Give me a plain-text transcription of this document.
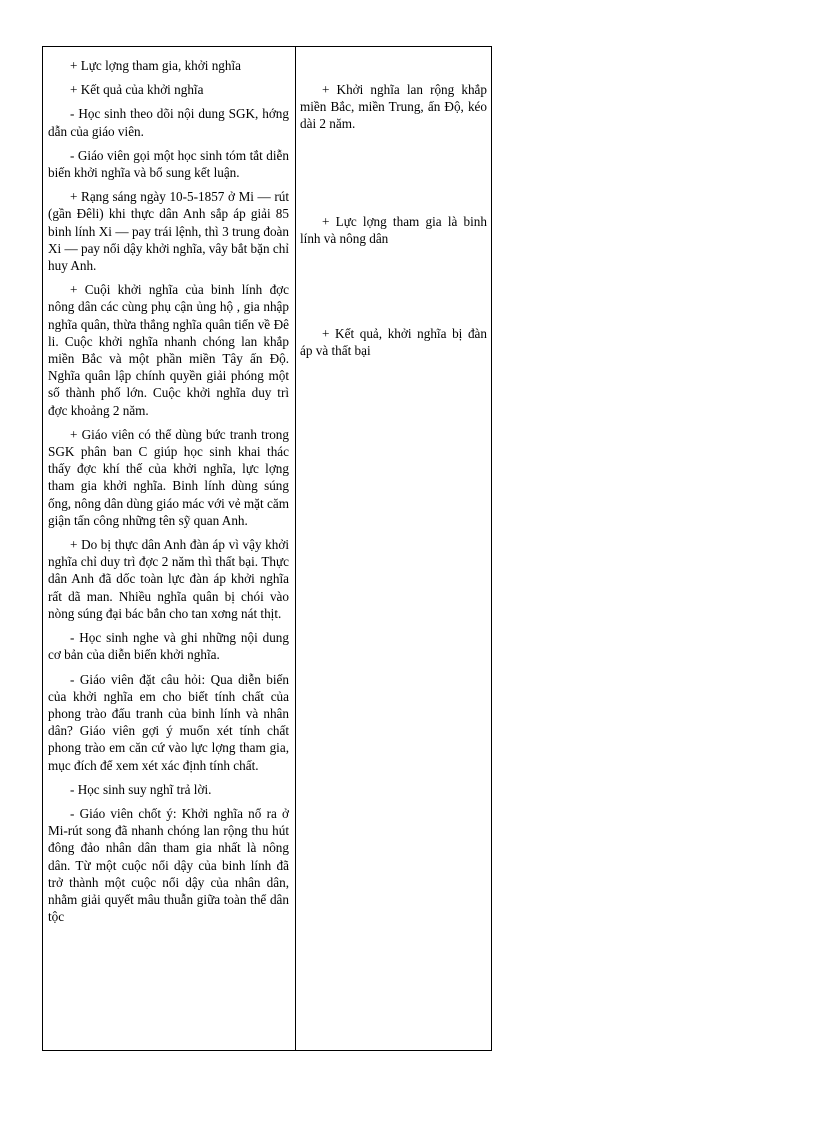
+ Lực lợng tham gia, khởi nghĩa

+ Kết quả của khởi nghĩa

- Học sinh theo dõi nội dung SGK, hớng dẫn của giáo viên.

- Giáo viên gọi một học sinh tóm tắt diễn biến khởi nghĩa và bổ sung kết luận.

+ Rạng sáng ngày 10-5-1857 ở Mi — rút (gần Đêli) khi thực dân Anh sắp áp giải 85 binh lính Xi — pay trái lệnh, thì 3 trung đoàn Xi — pay nổi dậy khởi nghĩa, vây bắt bặn chỉ huy Anh.

+ Cuội khởi nghĩa của binh lính đợc nông dân các cùng phụ cận ủng hộ , gia nhập nghĩa quân, thừa thắng nghĩa quân tiến về Đê li. Cuộc khởi nghĩa nhanh chóng lan khắp miền Bắc và một phần miền Tây ấn Độ. Nghĩa quân lập chính quyền giải phóng một số thành phố lớn. Cuộc khởi nghĩa duy trì đợc khoảng 2 năm.

+ Giáo viên có thể dùng bức tranh trong SGK phân ban C giúp học sinh khai thác thấy đợc khí thế của khởi nghĩa, lực lợng tham gia khởi nghĩa. Binh lính dùng súng ống, nông dân dùng giáo mác với vẻ mặt căm giận tấn công những tên sỹ quan Anh.

+ Do bị thực dân Anh đàn áp vì vậy khởi nghĩa chỉ duy trì đợc 2 năm thì thất bại. Thực dân Anh đã dốc toàn lực đàn áp khởi nghĩa rất dã man. Nhiều nghĩa quân bị chói vào nòng súng đại bác bắn cho tan xơng nát thịt.

- Học sinh nghe và ghi những nội dung cơ bản của diễn biến khởi nghĩa.

- Giáo viên đặt câu hỏi: Qua diễn biến của khởi nghĩa em cho biết tính chất của phong trào đấu tranh của binh lính và nhân dân? Giáo viên gợi ý muốn xét tính chất phong trào em căn cứ vào lực lợng tham gia, mục đích để xem xét xác định tính chất.

- Học sinh suy nghĩ trả lời.

- Giáo viên chốt ý: Khởi nghĩa nổ ra ở Mi-rút song đã nhanh chóng lan rộng thu hút đông đảo nhân dân tham gia nhất là nông dân. Từ một cuộc nổi dậy của binh lính đã trở thành một cuộc nổi dậy của nhân dân, nhằm giải quyết mâu thuẫn giữa toàn thể dân tộc

+ Khởi nghĩa lan rộng khắp miền Bắc, miền Trung, ấn Độ, kéo dài 2 năm.

+ Lực lợng tham gia là binh lính và nông dân

+ Kết quả, khởi nghĩa bị đàn áp và thất bại
